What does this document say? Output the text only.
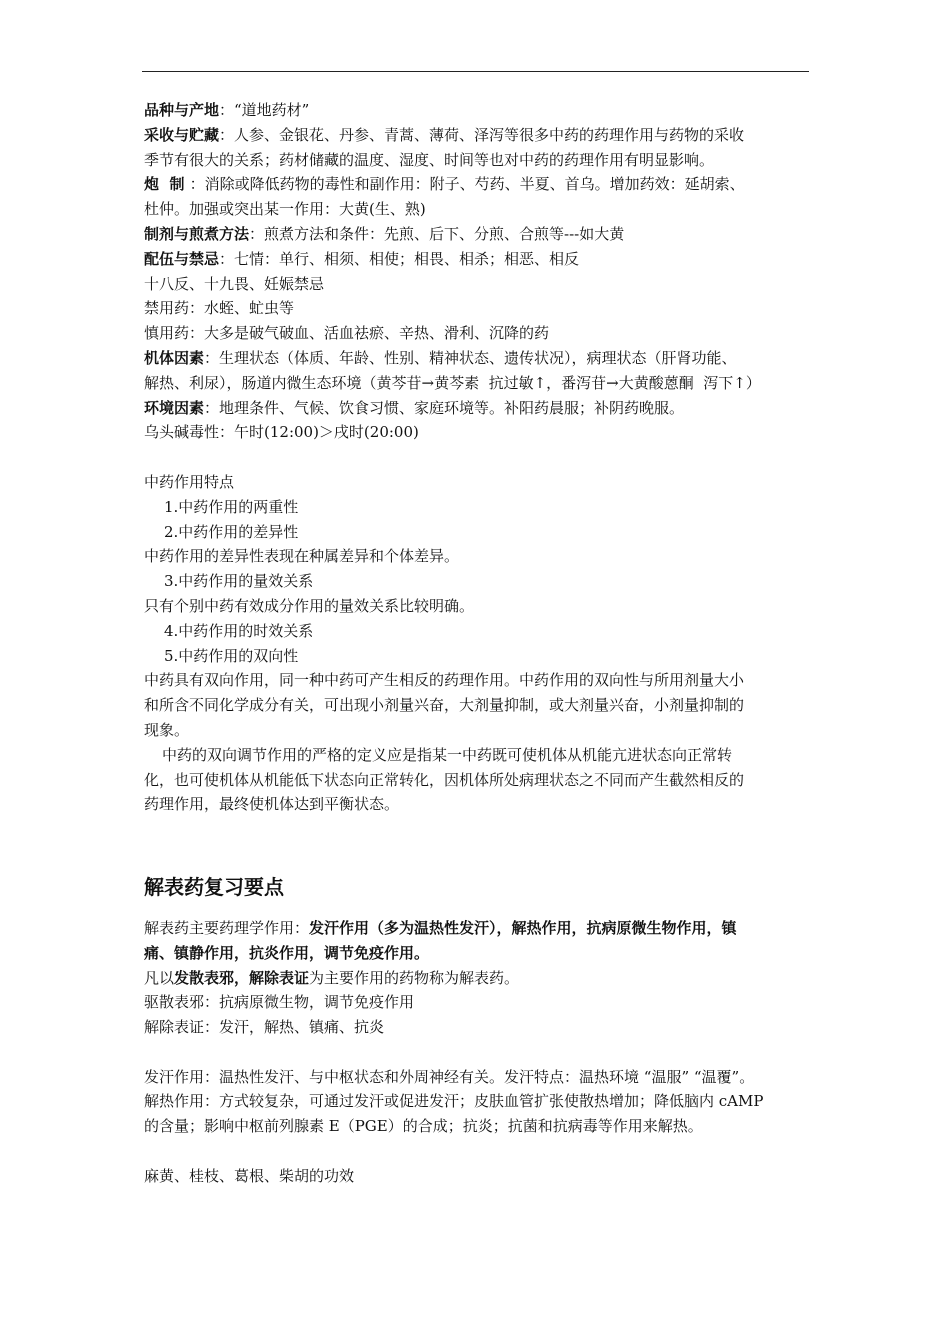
品种与产地：“道地药材”
采收与贮藏：人参、金银花、丹参、青蒿、薄荷、泽泻等很多中药的药理作用与药物的采收
季节有很大的关系；药材储藏的温度、湿度、时间等也对中药的药理作用有明显影响。
炮  制 ：消除或降低药物的毒性和副作用：附子、芍药、半夏、首乌。增加药效：延胡索、
杜仲。加强或突出某一作用：大黄(生、熟)
制剂与煎煮方法：煎煮方法和条件：先煎、后下、分煎、合煎等---如大黄
配伍与禁忌：七情：单行、相须、相使；相畏、相杀；相恶、相反
十八反、十九畏、妊娠禁忌
禁用药：水蛭、虻虫等
慎用药：大多是破气破血、活血祛瘀、辛热、滑利、沉降的药
机体因素：生理状态（体质、年龄、性别、精神状态、遗传状况），病理状态（肝肾功能、
解热、利尿），肠道内微生态环境（黄芩苷→黄芩素  抗过敏↑，番泻苷→大黄酸蒽酮  泻下↑）
环境因素：地理条件、气候、饮食习惯、家庭环境等。补阳药晨服；补阴药晚服。
乌头碱毒性：午时(12:00)＞戌时(20:00)
中药作用特点
1.中药作用的两重性
2.中药作用的差异性
中药作用的差异性表现在种属差异和个体差异。
3.中药作用的量效关系
只有个别中药有效成分作用的量效关系比较明确。
4.中药作用的时效关系
5.中药作用的双向性
中药具有双向作用，同一种中药可产生相反的药理作用。中药作用的双向性与所用剂量大小
和所含不同化学成分有关，可出现小剂量兴奋，大剂量抑制，或大剂量兴奋，小剂量抑制的
现象。
中药的双向调节作用的严格的定义应是指某一中药既可使机体从机能亢进状态向正常转
化，也可使机体从机能低下状态向正常转化，因机体所处病理状态之不同而产生截然相反的
药理作用，最终使机体达到平衡状态。
解表药复习要点
解表药主要药理学作用：发汗作用（多为温热性发汗），解热作用，抗病原微生物作用，镇
痛、镇静作用，抗炎作用，调节免疫作用。
凡以发散表邪，解除表证为主要作用的药物称为解表药。
驱散表邪：抗病原微生物，调节免疫作用
解除表证：发汗，解热、镇痛、抗炎
发汗作用：温热性发汗、与中枢状态和外周神经有关。发汗特点：温热环境 “温服” “温覆”。
解热作用：方式较复杂，可通过发汗或促进发汗；皮肤血管扩张使散热增加；降低脑内 cAMP
的含量；影响中枢前列腺素 E（PGE）的合成；抗炎；抗菌和抗病毒等作用来解热。
麻黄、桂枝、葛根、柴胡的功效
